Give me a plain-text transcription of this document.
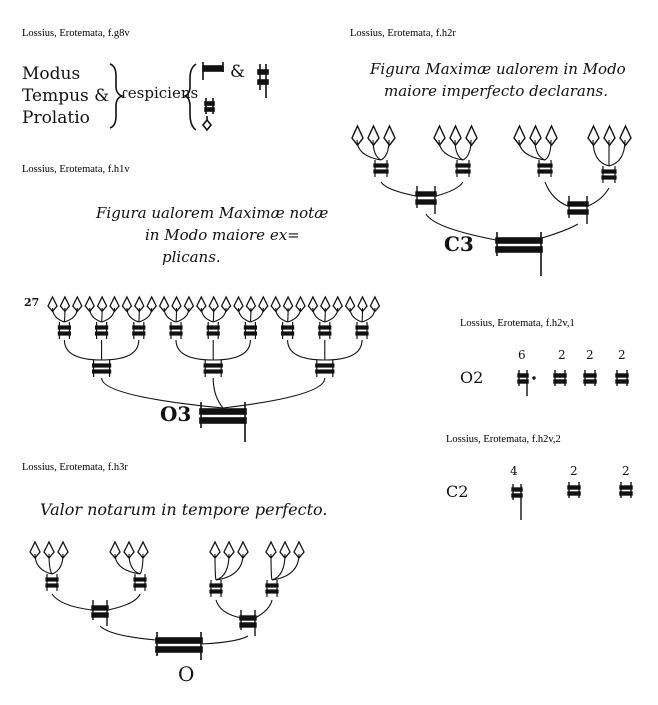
Lossius, Erotemata, f.g8v
Modus
Tempus &
Prolatio
ɾespiciens
&
Lossius, Erotemata, f.h1v
Figura ualorem Maximæ notæ
in Modo maiore ex=
plicans.
27
O3
Lossius, Erotemata, f.h3r
Valor notarum in tempore perfecto.
O
Lossius, Erotemata, f.h2r
Figura Maximæ ualorem in Modo
maiore imperfecto declarans.
C3
Lossius, Erotemata, f.h2v,1
O2
6	2 2 2
Lossius, Erotemata, f.h2v,2
C2
4	2	2
